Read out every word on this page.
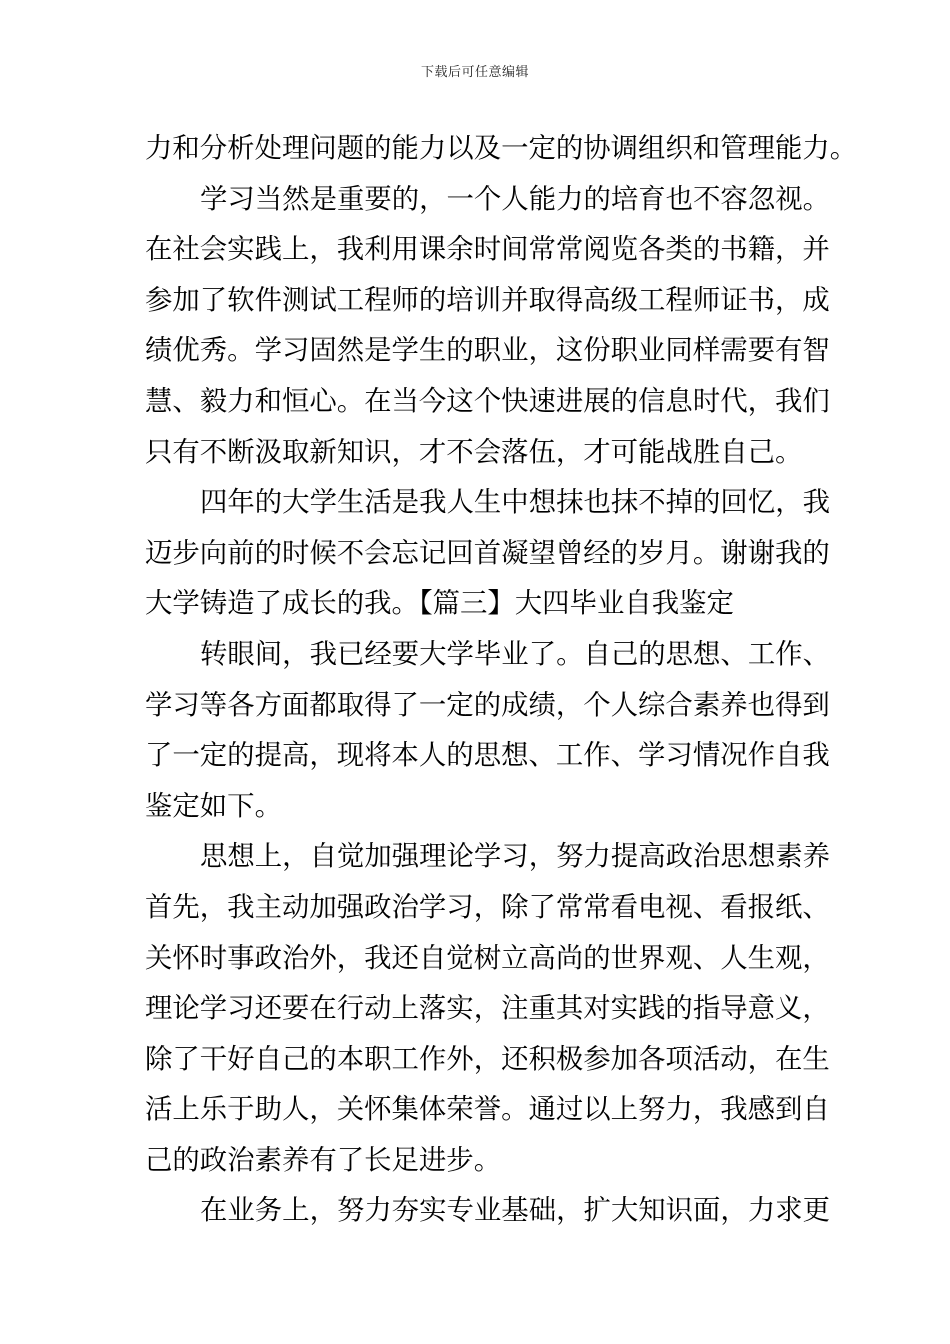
下载后可任意编辑
力和分析处理问题的能力以及一定的协调组织和管理能力。
学习当然是重要的，一个人能力的培育也不容忽视。
在社会实践上，我利用课余时间常常阅览各类的书籍，并
参加了软件测试工程师的培训并取得高级工程师证书，成
绩优秀。学习固然是学生的职业，这份职业同样需要有智
慧、毅力和恒心。在当今这个快速进展的信息时代，我们
只有不断汲取新知识，才不会落伍，才可能战胜自己。
四年的大学生活是我人生中想抹也抹不掉的回忆，我
迈步向前的时候不会忘记回首凝望曾经的岁月。谢谢我的
大学铸造了成长的我。【篇三】大四毕业自我鉴定
转眼间，我已经要大学毕业了。自己的思想、工作、
学习等各方面都取得了一定的成绩，个人综合素养也得到
了一定的提高，现将本人的思想、工作、学习情况作自我
鉴定如下。
思想上，自觉加强理论学习，努力提高政治思想素养
首先，我主动加强政治学习，除了常常看电视、看报纸、
关怀时事政治外，我还自觉树立高尚的世界观、人生观，
理论学习还要在行动上落实，注重其对实践的指导意义，
除了干好自己的本职工作外，还积极参加各项活动，在生
活上乐于助人，关怀集体荣誉。通过以上努力，我感到自
己的政治素养有了长足进步。
在业务上，努力夯实专业基础，扩大知识面，力求更
